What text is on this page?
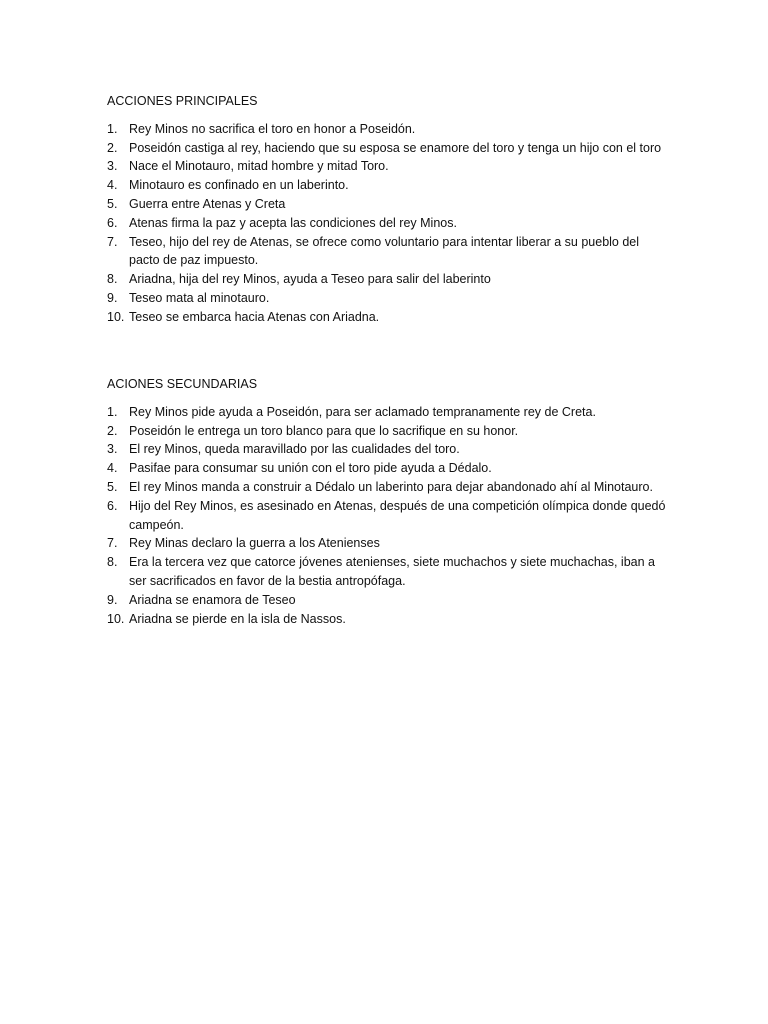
ACCIONES PRINCIPALES

1. Rey Minos no sacrifica el toro en honor a Poseidón.
2. Poseidón castiga al rey, haciendo que su esposa se enamore del toro y tenga un hijo con el toro
3. Nace el Minotauro, mitad hombre y mitad Toro.
4. Minotauro es confinado en un laberinto.
5. Guerra entre Atenas y Creta
6. Atenas firma la paz y acepta las condiciones del rey Minos.
7. Teseo, hijo del rey de Atenas, se ofrece como voluntario para intentar liberar a su pueblo del pacto de paz impuesto.
8. Ariadna, hija del rey Minos, ayuda a Teseo para salir del laberinto
9. Teseo mata al minotauro.
10. Teseo se embarca hacia Atenas con Ariadna.

ACIONES SECUNDARIAS

1. Rey Minos pide ayuda a Poseidón, para ser aclamado tempranamente rey de Creta.
2. Poseidón le entrega un toro blanco para que lo sacrifique en su honor.
3. El rey Minos, queda maravillado por las cualidades del toro.
4. Pasifae para consumar su unión con el toro pide ayuda a Dédalo.
5. El rey Minos manda a construir a Dédalo un laberinto para dejar abandonado ahí al Minotauro.
6. Hijo del Rey Minos, es asesinado en Atenas, después de una competición olímpica donde quedó campeón.
7. Rey Minas declaro la guerra a los Atenienses
8. Era la tercera vez que catorce jóvenes atenienses, siete muchachos y siete muchachas, iban a ser sacrificados en favor de la bestia antropófaga.
9. Ariadna se enamora de Teseo
10. Ariadna se pierde en la isla de Nassos.
